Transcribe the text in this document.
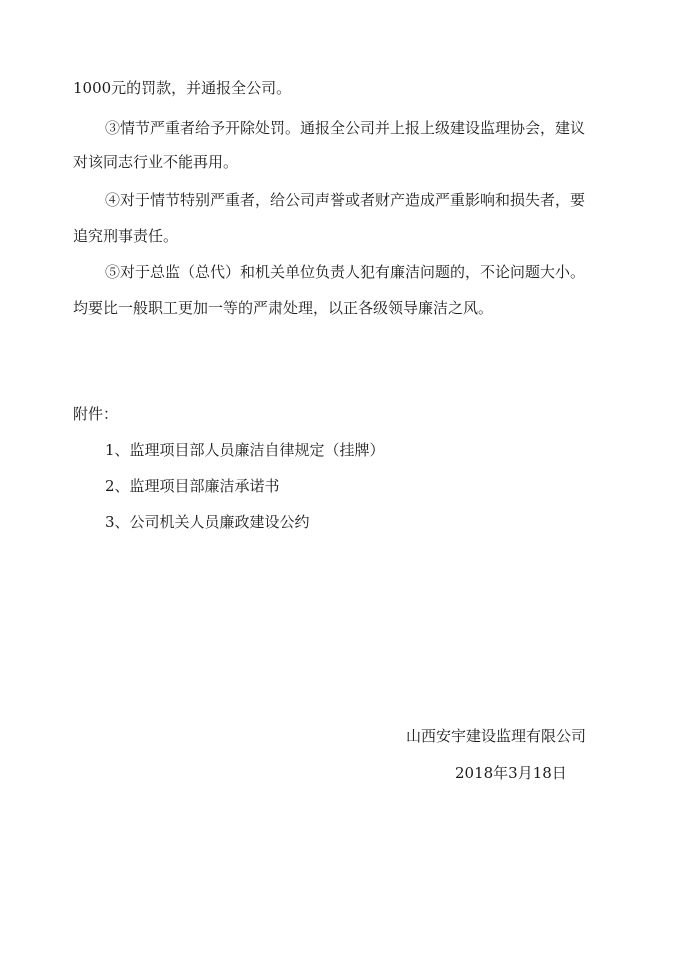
1000元的罚款，并通报全公司。
③情节严重者给予开除处罚。通报全公司并上报上级建设监理协会，建议
对该同志行业不能再用。
④对于情节特别严重者，给公司声誉或者财产造成严重影响和损失者，要
追究刑事责任。
⑤对于总监（总代）和机关单位负责人犯有廉洁问题的，不论问题大小。
均要比一般职工更加一等的严肃处理，以正各级领导廉洁之风。
附件：
1、监理项目部人员廉洁自律规定（挂牌）
2、监理项目部廉洁承诺书
3、公司机关人员廉政建设公约
山西安宇建设监理有限公司
2018年3月18日
